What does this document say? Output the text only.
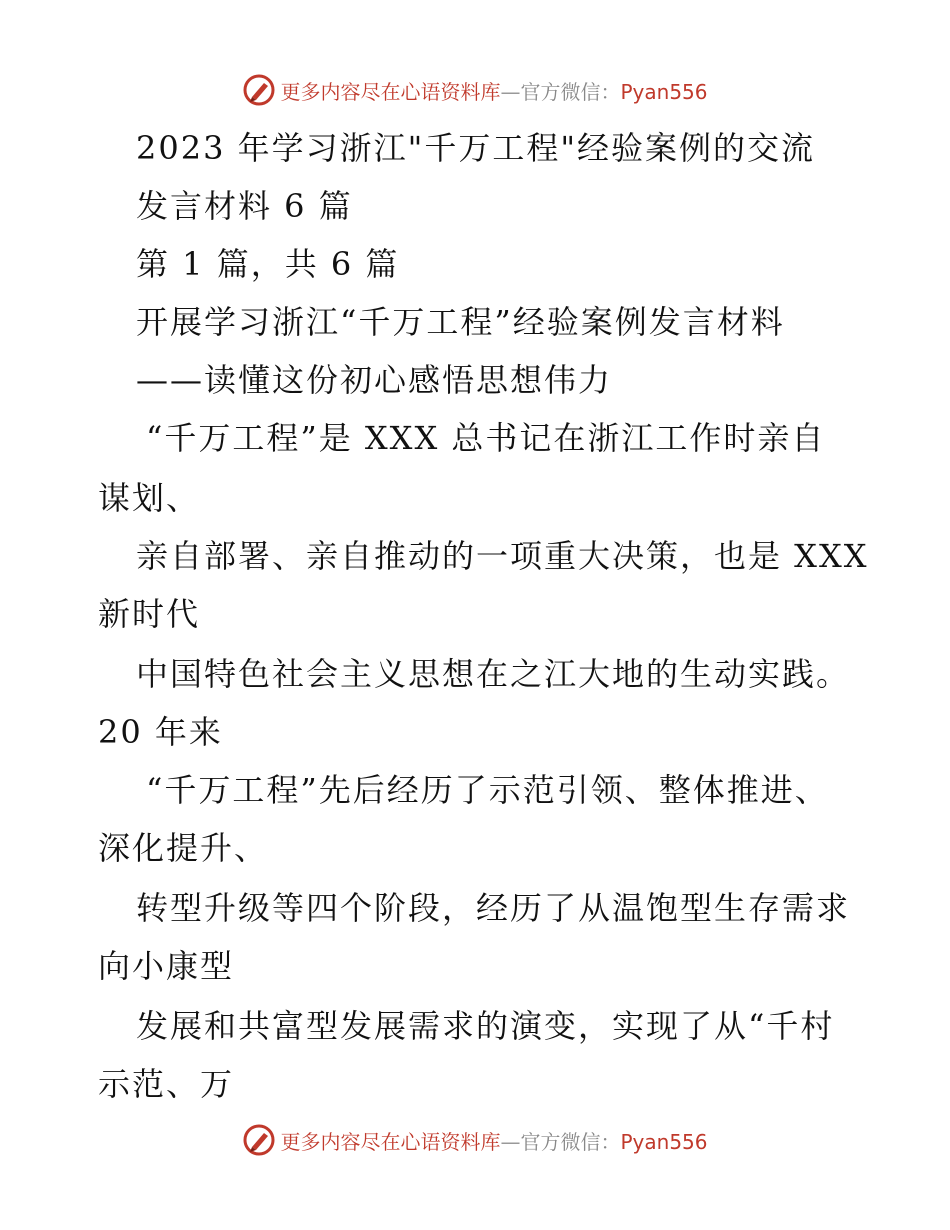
更多内容尽在心语资料库—官方微信：Pyan556
2023 年学习浙江"千万工程"经验案例的交流
发言材料 6 篇
第 1 篇，共 6 篇
开展学习浙江“千万工程”经验案例发言材料
——读懂这份初心感悟思想伟力
“千万工程”是 XXX 总书记在浙江工作时亲自
谋划、
亲自部署、亲自推动的一项重大决策，也是 XXX
新时代
中国特色社会主义思想在之江大地的生动实践。
20 年来
“千万工程”先后经历了示范引领、整体推进、
深化提升、
转型升级等四个阶段，经历了从温饱型生存需求
向小康型
发展和共富型发展需求的演变，实现了从“千村
示范、万
更多内容尽在心语资料库—官方微信：Pyan556
